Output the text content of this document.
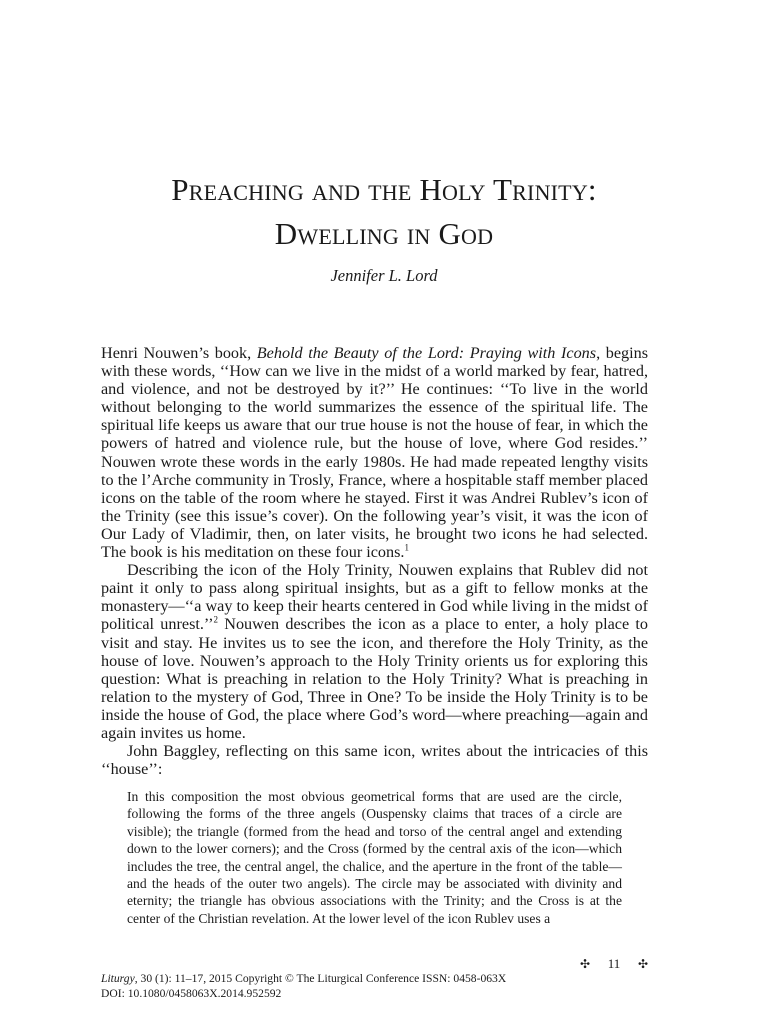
Preaching and the Holy Trinity:
Dwelling in God
Jennifer L. Lord

Henri Nouwen’s book, Behold the Beauty of the Lord: Praying with Icons, begins with these words, ‘‘How can we live in the midst of a world marked by fear, hatred, and violence, and not be destroyed by it?’’ He continues: ‘‘To live in the world without belonging to the world summarizes the essence of the spiritual life. The spiritual life keeps us aware that our true house is not the house of fear, in which the powers of hatred and violence rule, but the house of love, where God resides.’’ Nouwen wrote these words in the early 1980s. He had made repeated lengthy visits to the l’Arche community in Trosly, France, where a hospitable staff member placed icons on the table of the room where he stayed. First it was Andrei Rublev’s icon of the Trinity (see this issue’s cover). On the following year’s visit, it was the icon of Our Lady of Vladimir, then, on later visits, he brought two icons he had selected. The book is his meditation on these four icons.$^1$

Describing the icon of the Holy Trinity, Nouwen explains that Rublev did not paint it only to pass along spiritual insights, but as a gift to fellow monks at the monastery—‘‘a way to keep their hearts centered in God while living in the midst of political unrest.’’$^2$ Nouwen describes the icon as a place to enter, a holy place to visit and stay. He invites us to see the icon, and therefore the Holy Trinity, as the house of love. Nouwen’s approach to the Holy Trinity orients us for exploring this question: What is preaching in relation to the Holy Trinity? What is preaching in relation to the mystery of God, Three in One? To be inside the Holy Trinity is to be inside the house of God, the place where God’s word—where preaching—again and again invites us home.

John Baggley, reflecting on this same icon, writes about the intricacies of this ‘‘house’’:

In this composition the most obvious geometrical forms that are used are the circle, following the forms of the three angels (Ouspensky claims that traces of a circle are visible); the triangle (formed from the head and torso of the central angel and extending down to the lower corners); and the Cross (formed by the central axis of the icon—which includes the tree, the central angel, the chalice, and the aperture in the front of the table—and the heads of the outer two angels). The circle may be associated with divinity and eternity; the triangle has obvious associations with the Trinity; and the Cross is at the center of the Christian revelation. At the lower level of the icon Rublev uses a

✣ 11 ✣
Liturgy, 30 (1): 11–17, 2015 Copyright © The Liturgical Conference ISSN: 0458-063X
DOI: 10.1080/0458063X.2014.952592
